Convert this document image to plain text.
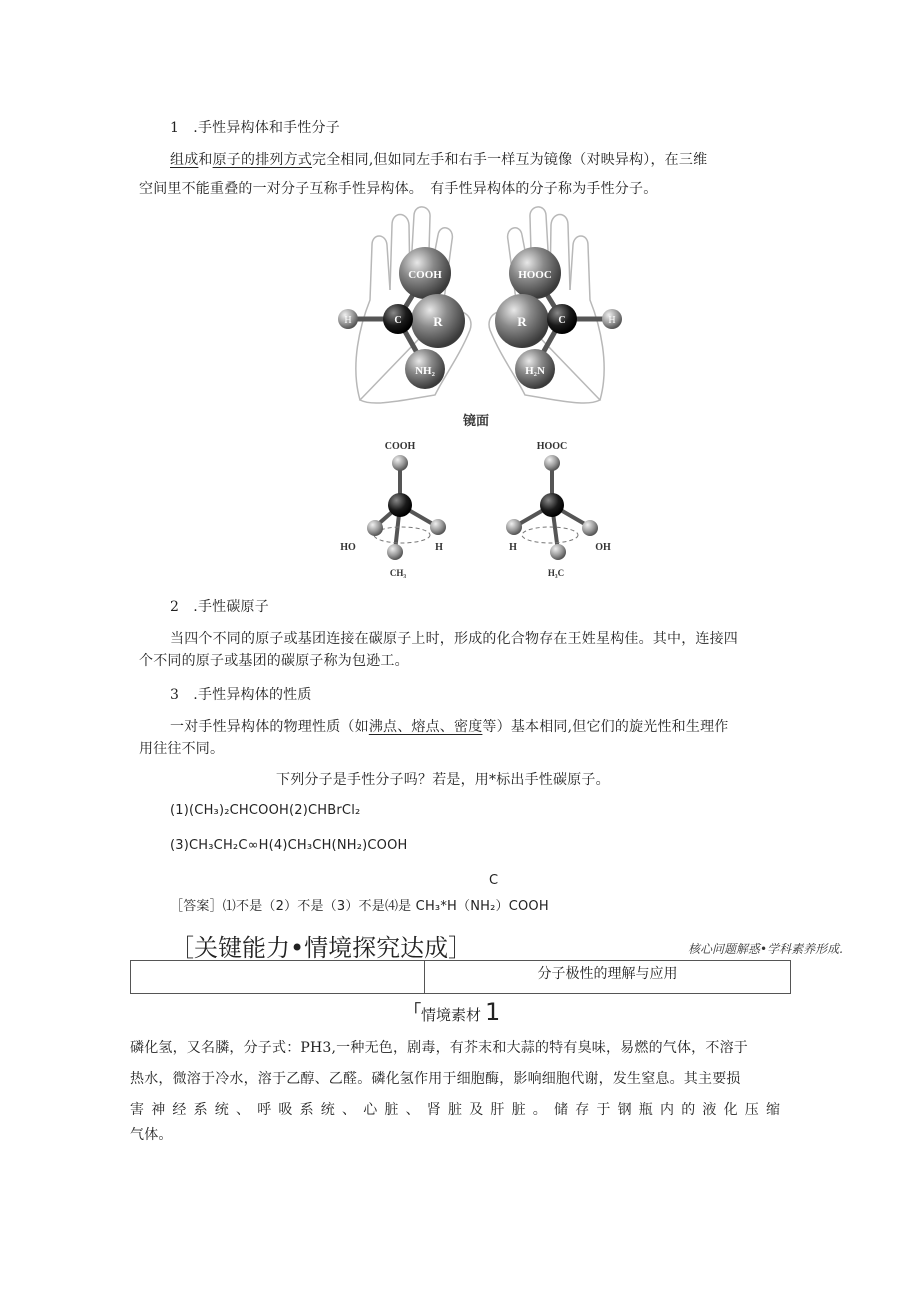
1　.手性异构体和手性分子
组成和原子的排列方式完全相同,但如同左手和右手一样互为镜像（对映异构），在三维
空间里不能重叠的一对分子互称手性异构体。　有手性异构体的分子称为手性分子。
COOH
H	R
C
NH₂
HOOC
H
R	C
H₂N
镜面
COOH
HO	H
CH₃
HOOC
H	OH
H₃C
2　.手性碳原子
当四个不同的原子或基团连接在碳原子上时，形成的化合物存在王姓星构佳。其中，连接四
个不同的原子或基团的碳原子称为包逊工。
3　.手性异构体的性质
一对手性异构体的物理性质（如沸点、熔点、密度等）基本相同,但它们的旋光性和生理作
用往往不同。
下列分子是手性分子吗？若是，用*标出手性碳原子。
(1)(CH₃)₂CHCOOH(2)CHBrCl₂
(3)CH₃CH₂C∞H(4)CH₃CH(NH₂)COOH
C
［答案］⑴不是（2）不是（3）不是⑷是 CH₃*H（NH₂）COOH
［关键能力•情境探究达成］	核心问题解惑•学科素养形成.
	分子极性的理解与应用
「情境素材 1
磷化氢，又名膦，分子式：PH3,一种无色，剧毒，有芥末和大蒜的特有臭味，易燃的气体，不溶于
热水，微溶于冷水，溶于乙醇、乙醛。磷化氢作用于细胞酶，影响细胞代谢，发生窒息。其主要损
害神经系统、呼吸系统、心脏、肾脏及肝脏。储存于钢瓶内的液化压缩
气体。
